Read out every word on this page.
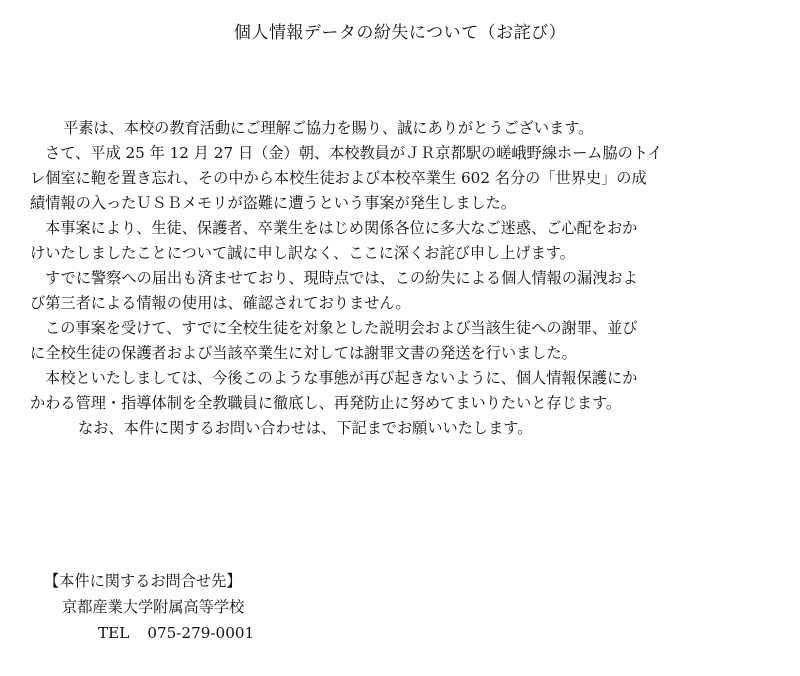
個人情報データの紛失について（お詫び）

平素は、本校の教育活動にご理解ご協力を賜り、誠にありがとうございます。

さて、平成 25 年 12 月 27 日（金）朝、本校教員がＪＲ京都駅の嵯峨野線ホーム脇のトイ
レ個室に鞄を置き忘れ、その中から本校生徒および本校卒業生 602 名分の「世界史」の成
績情報の入ったＵＳＢメモリが盗難に遭うという事案が発生しました。

本事案により、生徒、保護者、卒業生をはじめ関係各位に多大なご迷惑、ご心配をおか
けいたしましたことについて誠に申し訳なく、ここに深くお詫び申し上げます。

すでに警察への届出も済ませており、現時点では、この紛失による個人情報の漏洩およ
び第三者による情報の使用は、確認されておりません。

この事案を受けて、すでに全校生徒を対象とした説明会および当該生徒への謝罪、並び
に全校生徒の保護者および当該卒業生に対しては謝罪文書の発送を行いました。

本校といたしましては、今後このような事態が再び起きないように、個人情報保護にか
かわる管理・指導体制を全教職員に徹底し、再発防止に努めてまいりたいと存じます。

なお、本件に関するお問い合わせは、下記までお願いいたします。

【本件に関するお問合せ先】
京都産業大学附属高等学校
TEL 075-279-0001
